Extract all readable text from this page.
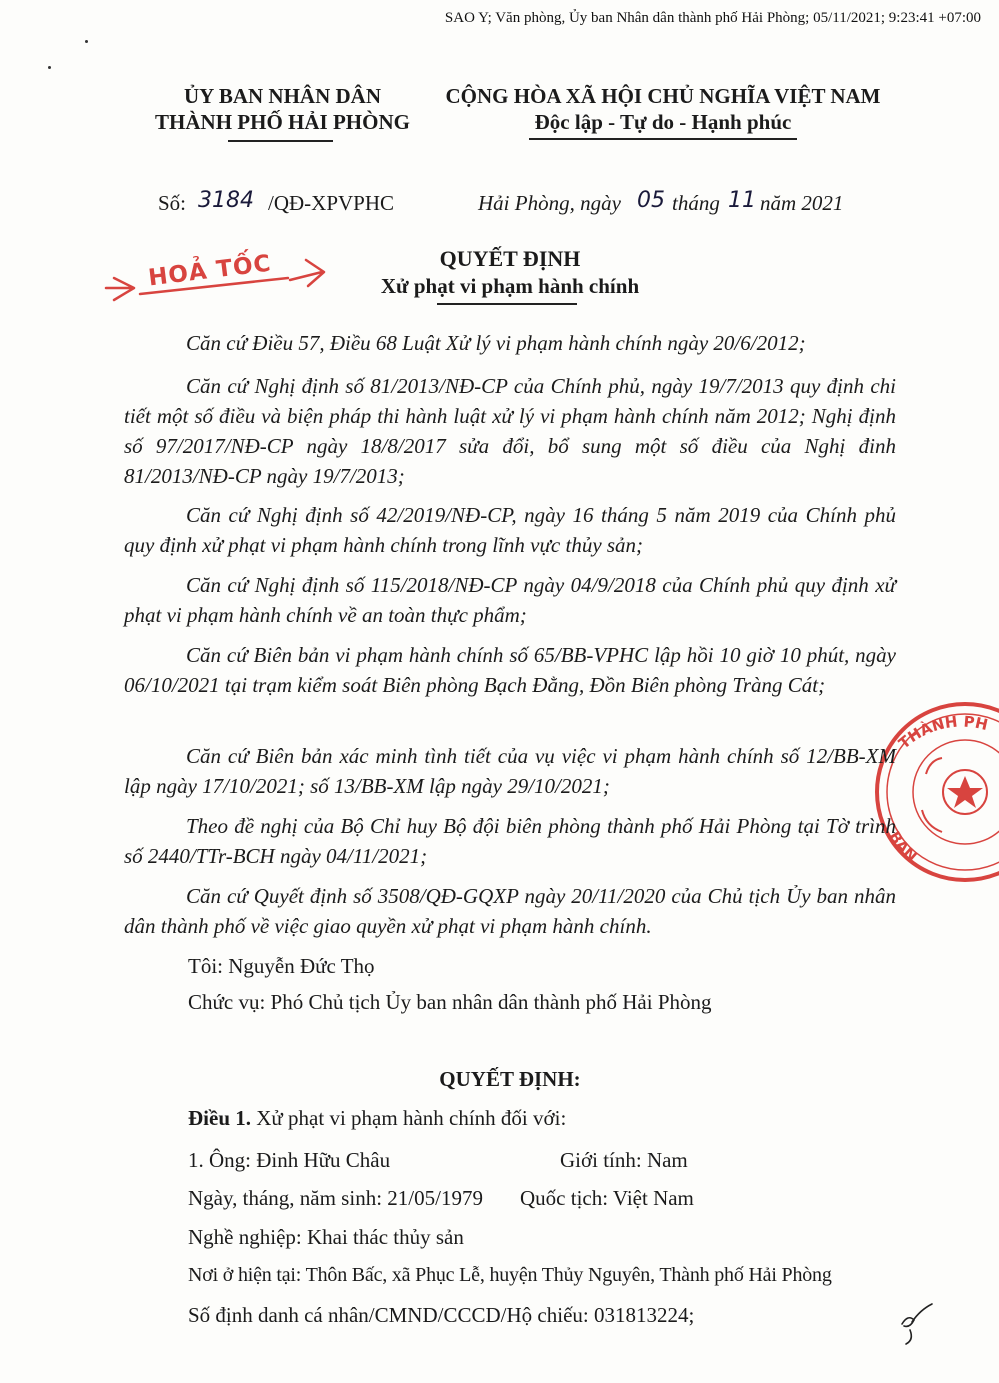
SAO Y; Văn phòng, Ủy ban Nhân dân thành phố Hải Phòng; 05/11/2021; 9:23:41 +07:00
ỦY BAN NHÂN DÂN
THÀNH PHỐ HẢI PHÒNG
CỘNG HÒA XÃ HỘI CHỦ NGHĨA VIỆT NAM
Độc lập - Tự do - Hạnh phúc
Số: 3184 /QĐ-XPVPHC	Hải Phòng, ngày 05 tháng 11 năm 2021
HOẢ TỐC
THÀNH PH
BAN
QUYẾT ĐỊNH
Xử phạt vi phạm hành chính
Căn cứ Điều 57, Điều 68 Luật Xử lý vi phạm hành chính ngày 20/6/2012;
Căn cứ Nghị định số 81/2013/NĐ-CP của Chính phủ, ngày 19/7/2013 quy định chi tiết một số điều và biện pháp thi hành luật xử lý vi phạm hành chính năm 2012; Nghị định số 97/2017/NĐ-CP ngày 18/8/2017 sửa đổi, bổ sung một số điều của Nghị đinh 81/2013/NĐ-CP ngày 19/7/2013;
Căn cứ Nghị định số 42/2019/NĐ-CP, ngày 16 tháng 5 năm 2019 của Chính phủ quy định xử phạt vi phạm hành chính trong lĩnh vực thủy sản;
Căn cứ Nghị định số 115/2018/NĐ-CP ngày 04/9/2018 của Chính phủ quy định xử phạt vi phạm hành chính về an toàn thực phẩm;
Căn cứ Biên bản vi phạm hành chính số 65/BB-VPHC lập hồi 10 giờ 10 phút, ngày 06/10/2021 tại trạm kiểm soát Biên phòng Bạch Đằng, Đồn Biên phòng Tràng Cát;
Căn cứ Biên bản xác minh tình tiết của vụ việc vi phạm hành chính số 12/BB-XM lập ngày 17/10/2021; số 13/BB-XM lập ngày 29/10/2021;
Theo đề nghị của Bộ Chỉ huy Bộ đội biên phòng thành phố Hải Phòng tại Tờ trình số 2440/TTr-BCH ngày 04/11/2021;
Căn cứ Quyết định số 3508/QĐ-GQXP ngày 20/11/2020 của Chủ tịch Ủy ban nhân dân thành phố về việc giao quyền xử phạt vi phạm hành chính.
Tôi: Nguyễn Đức Thọ
Chức vụ: Phó Chủ tịch Ủy ban nhân dân thành phố Hải Phòng
QUYẾT ĐỊNH:
Điều 1. Xử phạt vi phạm hành chính đối với:
1. Ông: Đinh Hữu Châu	Giới tính: Nam
Ngày, tháng, năm sinh: 21/05/1979 Quốc tịch: Việt Nam
Nghề nghiệp: Khai thác thủy sản
Nơi ở hiện tại: Thôn Bấc, xã Phục Lễ, huyện Thủy Nguyên, Thành phố Hải Phòng
Số định danh cá nhân/CMND/CCCD/Hộ chiếu: 031813224;
